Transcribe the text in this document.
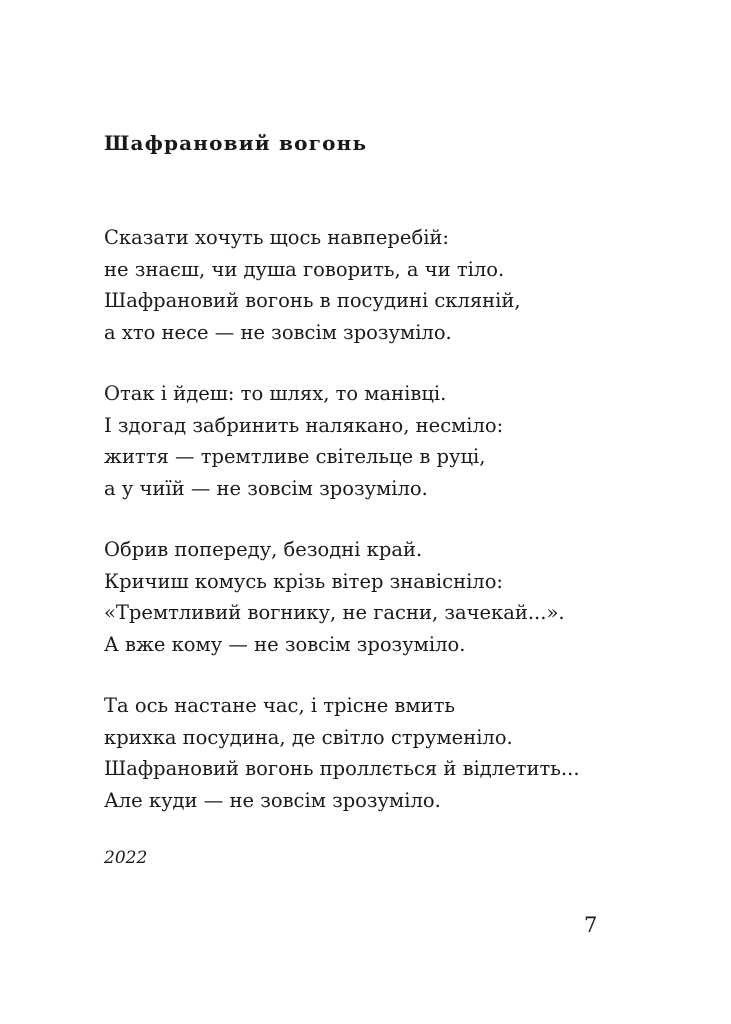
Шафрановий вогонь
Сказати хочуть щось навперебій:
не знаєш, чи душа говорить, а чи тіло.
Шафрановий вогонь в посудині скляній,
а хто несе — не зовсім зрозуміло.
Отак і йдеш: то шлях, то манівці.
І здогад забринить налякано, несміло:
життя — тремтливе світельце в руці,
а у чиїй — не зовсім зрозуміло.
Обрив попереду, безодні край.
Кричиш комусь крізь вітер знавісніло:
«Тремтливий вогнику, не гасни, зачекай...».
А вже кому — не зовсім зрозуміло.
Та ось настане час, і трісне вмить
крихка посудина, де світло струменіло.
Шафрановий вогонь проллється й відлетить...
Але куди — не зовсім зрозуміло.

2022

7
